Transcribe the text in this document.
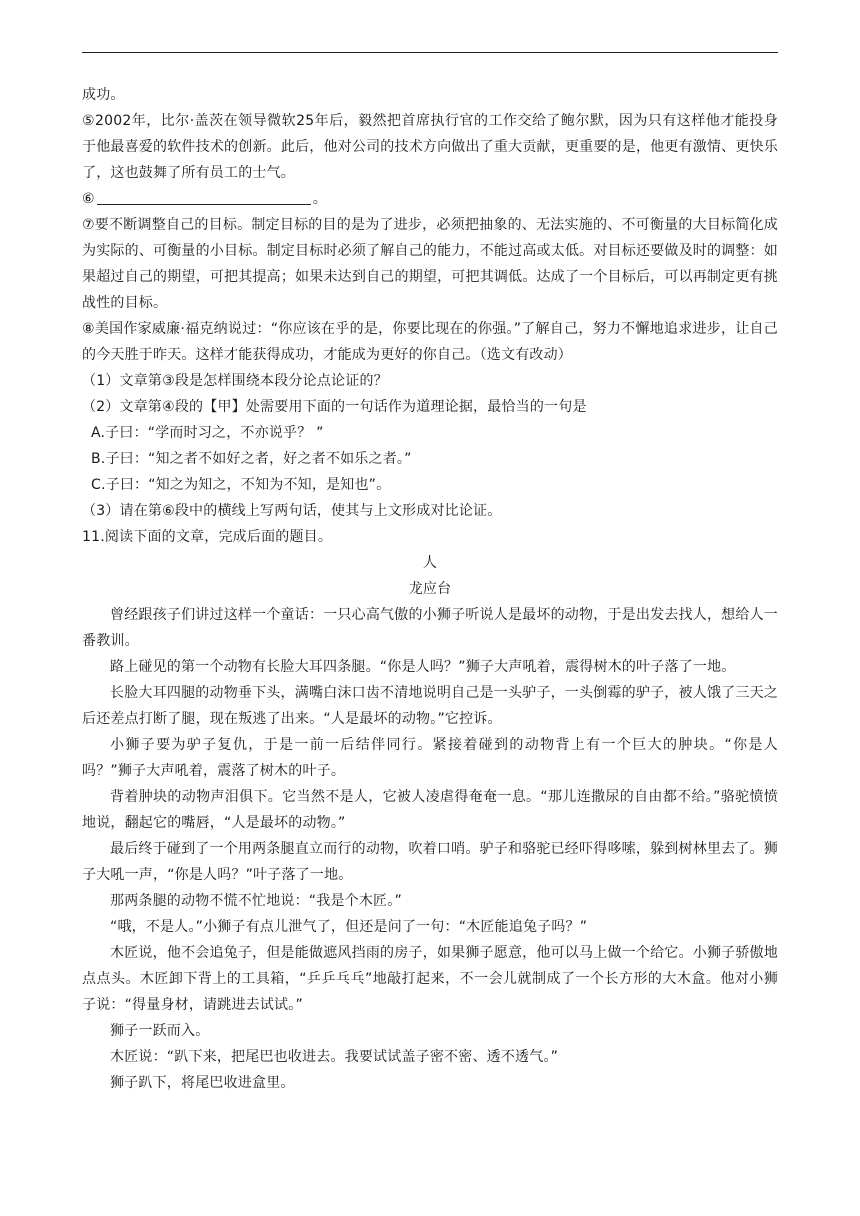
成功。

⑤2002年，比尔·盖茨在领导微软25年后，毅然把首席执行官的工作交给了鲍尔默，因为只有这样他才能投身于他最喜爱的软件技术的创新。此后，他对公司的技术方向做出了重大贡献，更重要的是，他更有激情、更快乐了，这也鼓舞了所有员工的士气。

⑥	。

⑦要不断调整自己的目标。制定目标的目的是为了进步，必须把抽象的、无法实施的、不可衡量的大目标简化成为实际的、可衡量的小目标。制定目标时必须了解自己的能力，不能过高或太低。对目标还要做及时的调整：如果超过自己的期望，可把其提高；如果未达到自己的期望，可把其调低。达成了一个目标后，可以再制定更有挑战性的目标。

⑧美国作家威廉·福克纳说过：“你应该在乎的是，你要比现在的你强。”了解自己，努力不懈地追求进步，让自己的今天胜于昨天。这样才能获得成功，才能成为更好的你自己。（选文有改动）

（1）文章第③段是怎样围绕本段分论点论证的？

（2）文章第④段的【甲】处需要用下面的一句话作为道理论据，最恰当的一句是

A.子曰：“学而时习之，不亦说乎？ ”

B.子曰：“知之者不如好之者，好之者不如乐之者。”

C.子曰：“知之为知之，不知为不知，是知也”。

（3）请在第⑥段中的横线上写两句话，使其与上文形成对比论证。

11.阅读下面的文章，完成后面的题目。

人

龙应台

曾经跟孩子们讲过这样一个童话：一只心高气傲的小狮子听说人是最坏的动物，于是出发去找人，想给人一番教训。

路上碰见的第一个动物有长脸大耳四条腿。“你是人吗？”狮子大声吼着，震得树木的叶子落了一地。

长脸大耳四腿的动物垂下头，满嘴白沫口齿不清地说明自己是一头驴子，一头倒霉的驴子，被人饿了三天之后还差点打断了腿，现在叛逃了出来。“人是最坏的动物。”它控诉。

小狮子要为驴子复仇，于是一前一后结伴同行。紧接着碰到的动物背上有一个巨大的肿块。“你是人吗？”狮子大声吼着，震落了树木的叶子。

背着肿块的动物声泪俱下。它当然不是人，它被人凌虐得奄奄一息。“那儿连撒尿的自由都不给。”骆驼愤愤地说，翻起它的嘴唇，“人是最坏的动物。”

最后终于碰到了一个用两条腿直立而行的动物，吹着口哨。驴子和骆驼已经吓得哆嗦，躲到树林里去了。狮子大吼一声，“你是人吗？”叶子落了一地。

那两条腿的动物不慌不忙地说：“我是个木匠。”

“哦，不是人。”小狮子有点儿泄气了，但还是问了一句：“木匠能追兔子吗？”

木匠说，他不会追兔子，但是能做遮风挡雨的房子，如果狮子愿意，他可以马上做一个给它。小狮子骄傲地点点头。木匠卸下背上的工具箱，“乒乒乓乓”地敲打起来，不一会儿就制成了一个长方形的大木盒。他对小狮子说：“得量身材，请跳进去试试。”

狮子一跃而入。

木匠说：“趴下来，把尾巴也收进去。我要试试盖子密不密、透不透气。”

狮子趴下，将尾巴收进盒里。
